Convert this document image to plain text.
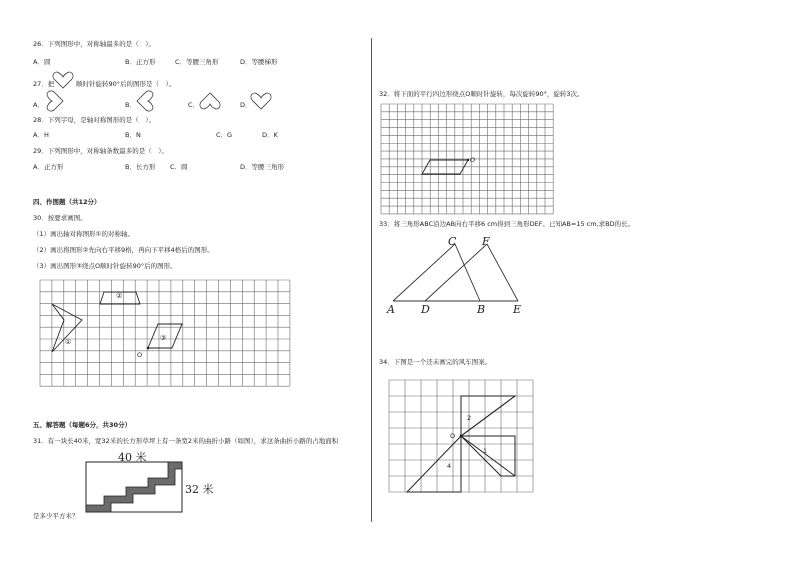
26．下列图形中，对称轴最多的是（　）。
A．圆	B．正方形	C．等腰三角形	D．等腰梯形
27．把	顺时针旋转90°后的图形是（　）。
A．	B．	C．	D．
28．下列字母，是轴对称图形的是（　）。
A．H	B．N	C．G	D．K
29．下列图形中，对称轴条数最多的是（　）。
A．正方形	B．长方形 C．圆	D．等腰三角形
四、作图题（共12分）
30．按要求画图。
（1）画出轴对称图形①的对称轴。
（2）画出将图形②先向右平移9格，再向下平移4格后的图形。
（3）画出图形③绕点O顺时针旋转90°后的图形。
①
②
③
O
五、解答题（每题6分，共30分）
31．有一块长40米，宽32米的长方形草坪上有一条宽2米的曲折小路（如图），求这条曲折小路的占地面积
40 米
32 米
是多少平方米？
32．将下面的平行四边形绕点O顺时针旋转，每次旋转90°，旋转3次。
O
33．将三角形ABC沿边AB向右平移6 cm得到三角形DEF。已知AB=15 cm,求BD的长。
A D	B	E
C F
34．下图是一个还未画完的风车图案。
2
1
4
O
